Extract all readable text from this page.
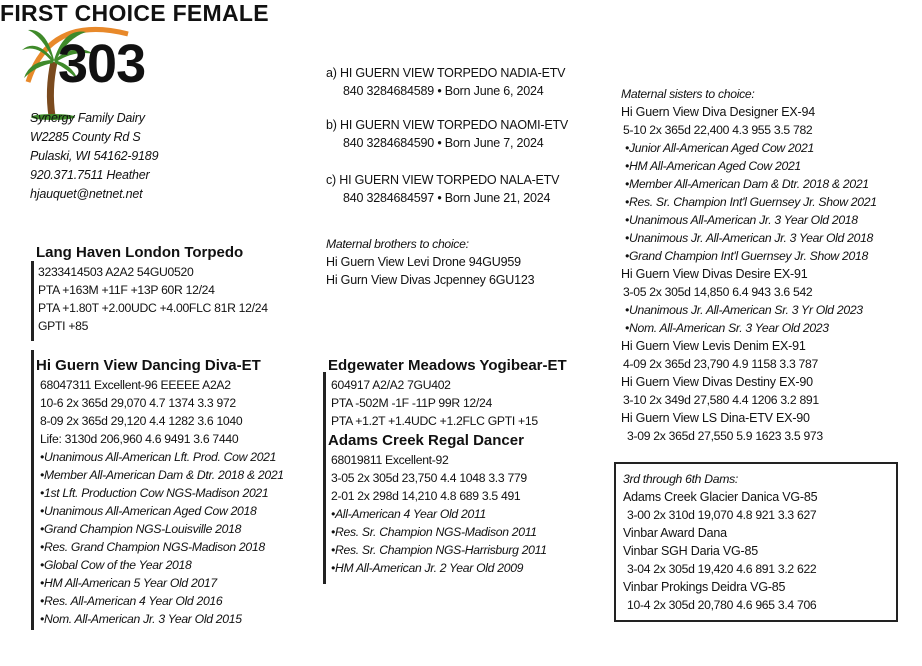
303
FIRST CHOICE FEMALE
Synergy Family Dairy
W2285 County Rd S
Pulaski, WI 54162-9189
920.371.7511 Heather
hjauquet@netnet.net
a) HI GUERN VIEW TORPEDO NADIA-ETV
840 3284684589 • Born June 6, 2024
b) HI GUERN VIEW TORPEDO NAOMI-ETV
840 3284684590 • Born June 7, 2024
c) HI GUERN VIEW TORPEDO NALA-ETV
840 3284684597 • Born June 21, 2024
Maternal brothers to choice:
Hi Guern View Levi Drone 94GU959
Hi Gurn View Divas Jcpenney 6GU123
Lang Haven London Torpedo
3233414503 A2A2 54GU0520
PTA +163M +11F +13P 60R 12/24
PTA +1.80T +2.00UDC +4.00FLC 81R 12/24
GPTI +85
Hi Guern View Dancing Diva-ET
68047311 Excellent-96 EEEEE A2A2
10-6 2x 365d 29,070 4.7 1374 3.3 972
8-09 2x 365d 29,120 4.4 1282 3.6 1040
Life: 3130d 206,960 4.6 9491 3.6 7440
•Unanimous All-American Lft. Prod. Cow 2021
•Member All-American Dam & Dtr. 2018 & 2021
•1st Lft. Production Cow NGS-Madison 2021
•Unanimous All-American Aged Cow 2018
•Grand Champion NGS-Louisville 2018
•Res. Grand Champion NGS-Madison 2018
•Global Cow of the Year 2018
•HM All-American 5 Year Old 2017
•Res. All-American 4 Year Old 2016
•Nom. All-American Jr. 3 Year Old 2015
Edgewater Meadows Yogibear-ET
604917 A2/A2 7GU402
PTA -502M -1F -11P 99R 12/24
PTA +1.2T +1.4UDC +1.2FLC GPTI +15
Adams Creek Regal Dancer
68019811 Excellent-92
3-05 2x 305d 23,750 4.4 1048 3.3 779
2-01 2x 298d 14,210 4.8 689 3.5 491
•All-American 4 Year Old 2011
•Res. Sr. Champion NGS-Madison 2011
•Res. Sr. Champion NGS-Harrisburg 2011
•HM All-American Jr. 2 Year Old 2009
Maternal sisters to choice:
Hi Guern View Diva Designer EX-94
5-10 2x 365d 22,400 4.3 955 3.5 782
•Junior All-American Aged Cow 2021
•HM All-American Aged Cow 2021
•Member All-American Dam & Dtr. 2018 & 2021
•Res. Sr. Champion Int'l Guernsey Jr. Show 2021
•Unanimous All-American Jr. 3 Year Old 2018
•Unanimous Jr. All-American Jr. 3 Year Old 2018
•Grand Champion Int'l Guernsey Jr. Show 2018
Hi Guern View Divas Desire EX-91
3-05 2x 305d 14,850 6.4 943 3.6 542
•Unanimous Jr. All-American Sr. 3 Yr Old 2023
•Nom. All-American Sr. 3 Year Old 2023
Hi Guern View Levis Denim EX-91
4-09 2x 365d 23,790 4.9 1158 3.3 787
Hi Guern View Divas Destiny EX-90
3-10 2x 349d 27,580 4.4 1206 3.2 891
Hi Guern View LS Dina-ETV EX-90
3-09 2x 365d 27,550 5.9 1623 3.5 973
3rd through 6th Dams:
Adams Creek Glacier Danica VG-85
3-00 2x 310d 19,070 4.8 921 3.3 627
Vinbar Award Dana
Vinbar SGH Daria VG-85
3-04 2x 305d 19,420 4.6 891 3.2 622
Vinbar Prokings Deidra VG-85
10-4 2x 305d 20,780 4.6 965 3.4 706
